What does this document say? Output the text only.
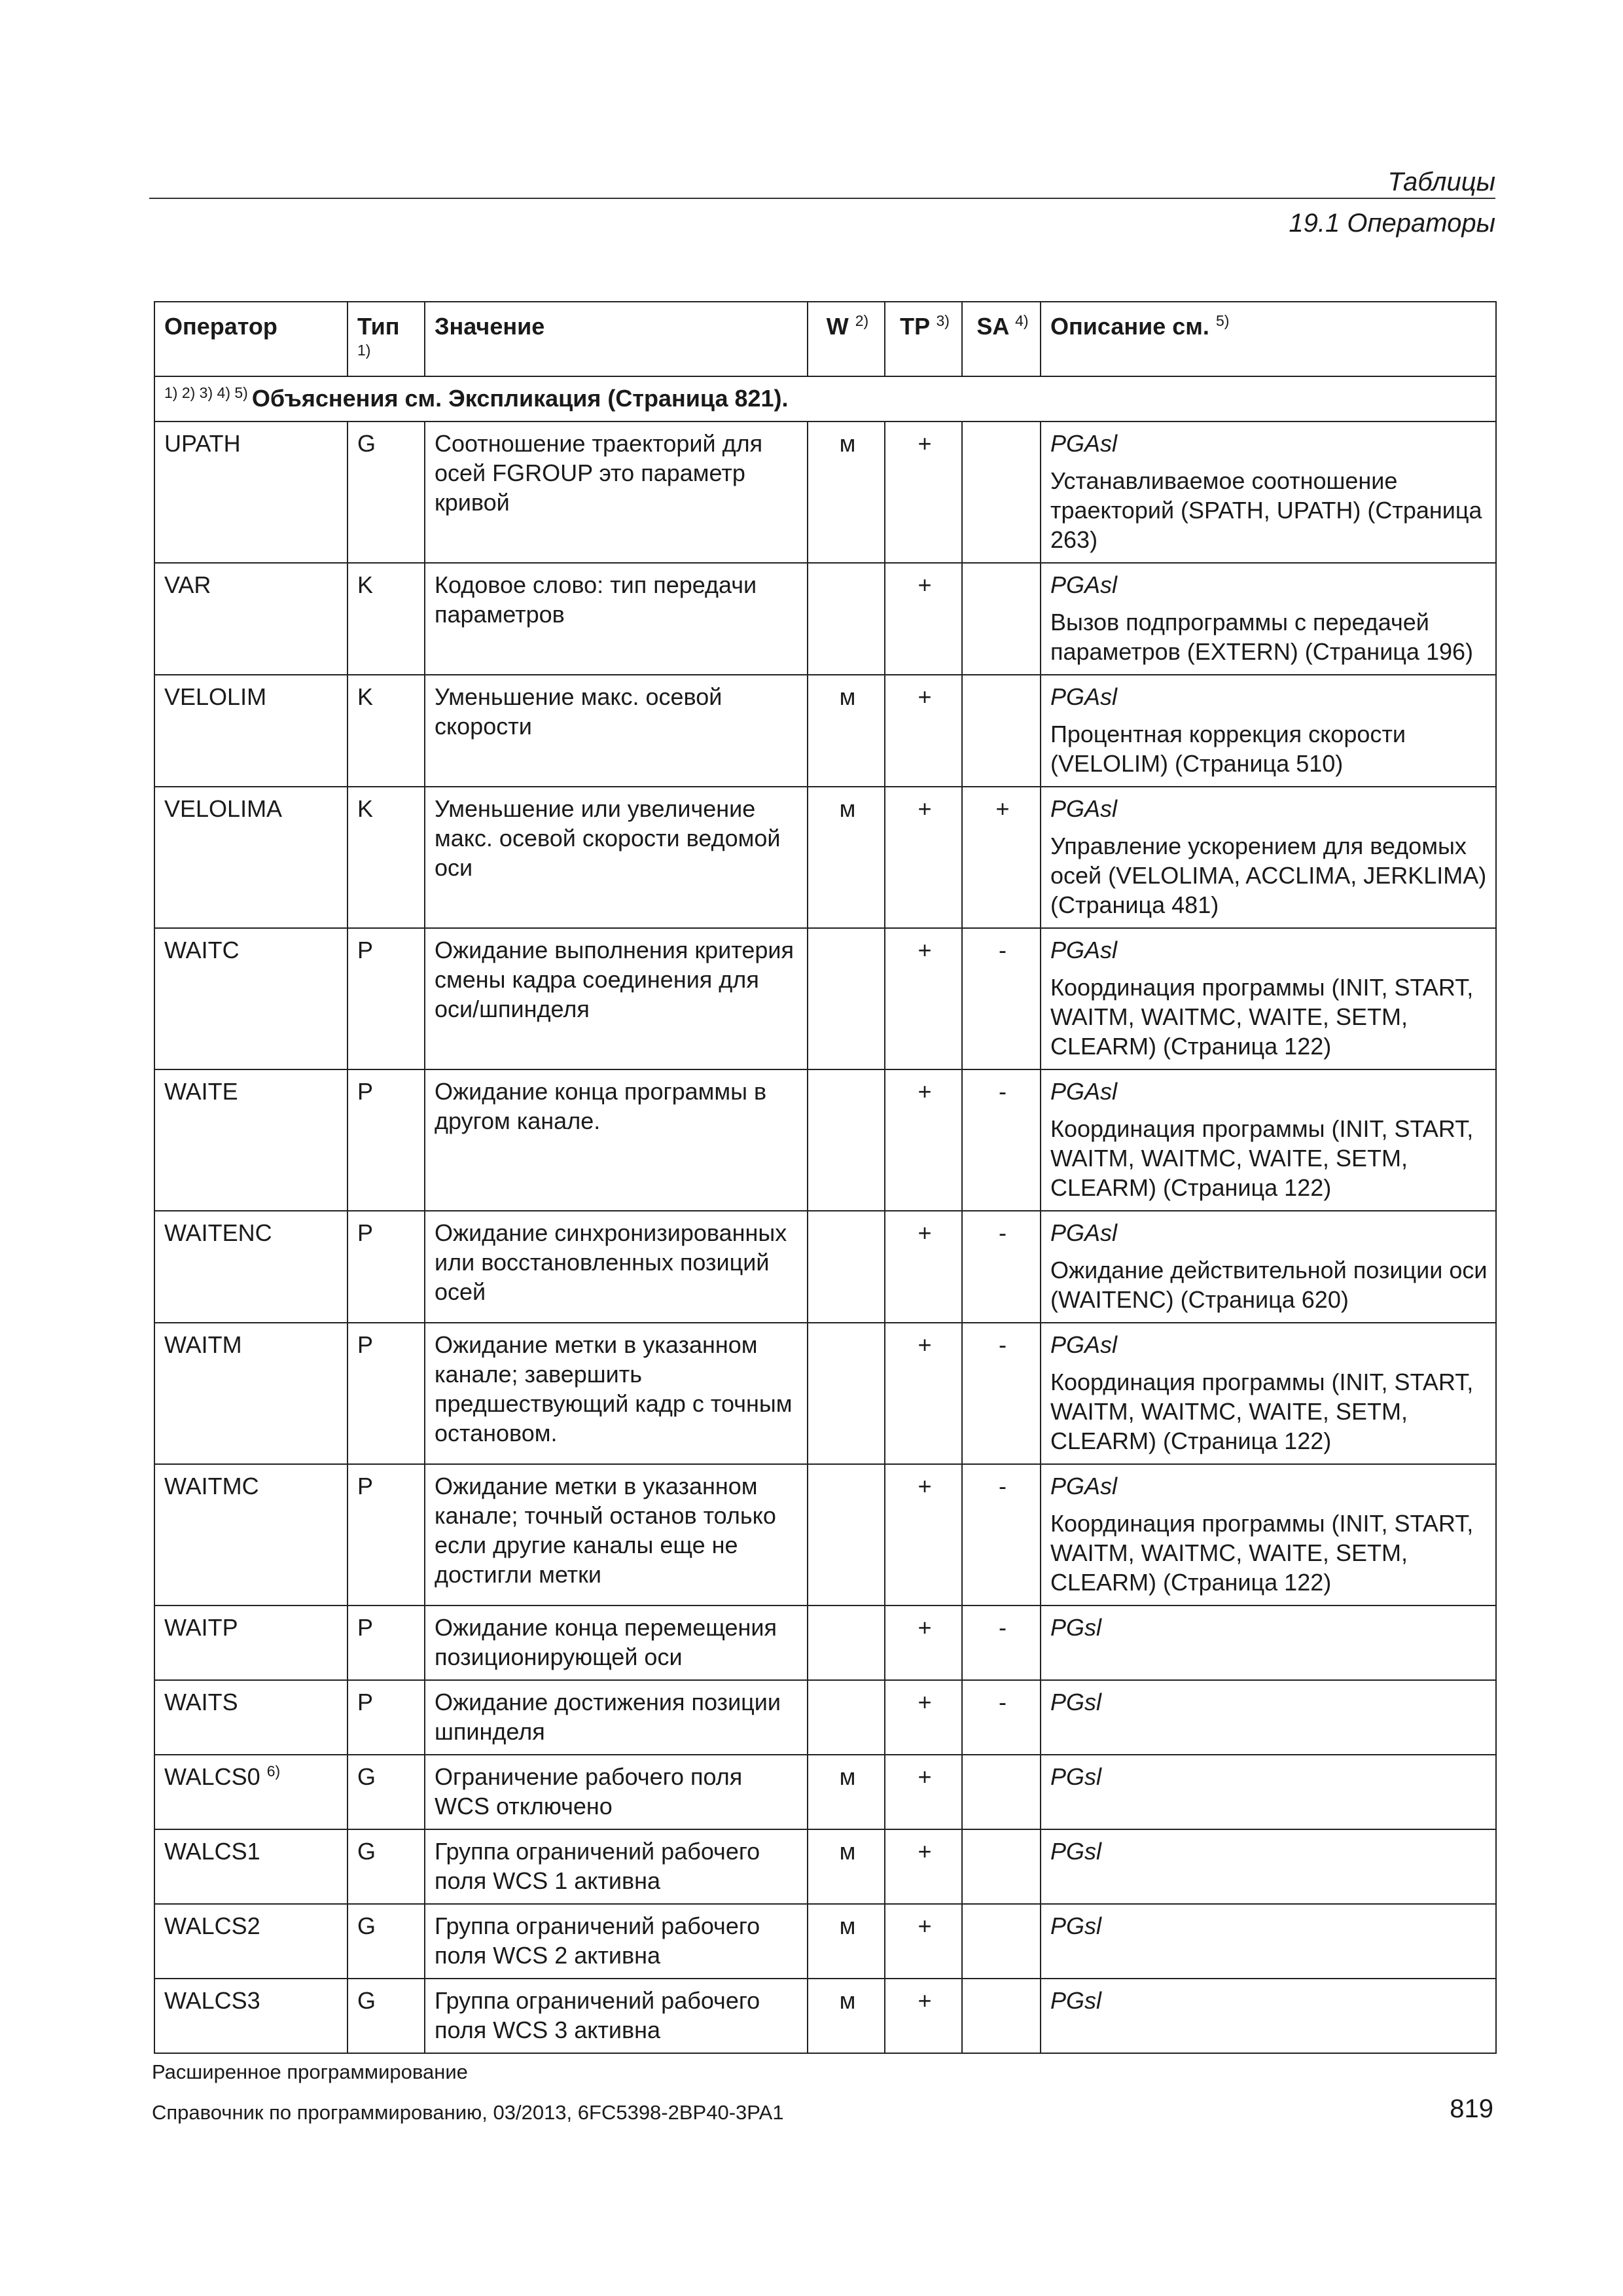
Таблицы
19.1 Операторы
Оператор	Тип $^{1)}$	Значение	W $^{2)}$	TP $^{3)}$	SA $^{4)}$	Описание см. $^{5)}$
$^{1) 2) 3) 4) 5)}$ Объяснения см. Экспликация (Страница 821).						
UPATH	G	Соотношение траекторий для осей FGROUP это параметр кривой	м	+		PGAsl
Устанавливаемое соотношение траекторий (SPATH, UPATH) (Страница 263)

VAR	K	Кодовое слово: тип передачи параметров		+		PGAsl
Вызов подпрограммы с передачей параметров (EXTERN) (Страница 196)

VELOLIM	K	Уменьшение макс. осевой скорости	м	+		PGAsl
Процентная коррекция скорости (VELOLIM) (Страница 510)

VELOLIMA	K	Уменьшение или увеличение макс. осевой скорости ведомой оси	м	+	+	PGAsl
Управление ускорением для ведомых осей (VELOLIMA, ACCLIMA, JERKLIMA) (Страница 481)

WAITC	P	Ожидание выполнения критерия смены кадра соединения для оси/шпинделя		+	-	PGAsl
Координация программы (INIT, START, WAITM, WAITMC, WAITE, SETM, CLEARM) (Страница 122)

WAITE	P	Ожидание конца программы в другом канале.		+	-	PGAsl
Координация программы (INIT, START, WAITM, WAITMC, WAITE, SETM, CLEARM) (Страница 122)

WAITENC	P	Ожидание синхронизированных или восстановленных позиций осей		+	-	PGAsl
Ожидание действительной позиции оси (WAITENC) (Страница 620)

WAITM	P	Ожидание метки в указанном канале; завершить предшествующий кадр с точным остановом.		+	-	PGAsl
Координация программы (INIT, START, WAITM, WAITMC, WAITE, SETM, CLEARM) (Страница 122)

WAITMC	P	Ожидание метки в указанном канале; точный останов только если другие каналы еще не достигли метки		+	-	PGAsl
Координация программы (INIT, START, WAITM, WAITMC, WAITE, SETM, CLEARM) (Страница 122)

WAITP	P	Ожидание конца перемещения позиционирующей оси		+	-	PGsl

WAITS	P	Ожидание достижения позиции шпинделя		+	-	PGsl

WALCS0 $^{6)}$	G	Ограничение рабочего поля WCS отключено	м	+		PGsl

WALCS1	G	Группа ограничений рабочего поля WCS 1 активна	м	+		PGsl

WALCS2	G	Группа ограничений рабочего поля WCS 2 активна	м	+		PGsl

WALCS3	G	Группа ограничений рабочего поля WCS 3 активна	м	+		PGsl
Расширенное программирование
Справочник по программированию, 03/2013, 6FC5398-2BP40-3PA1	819
